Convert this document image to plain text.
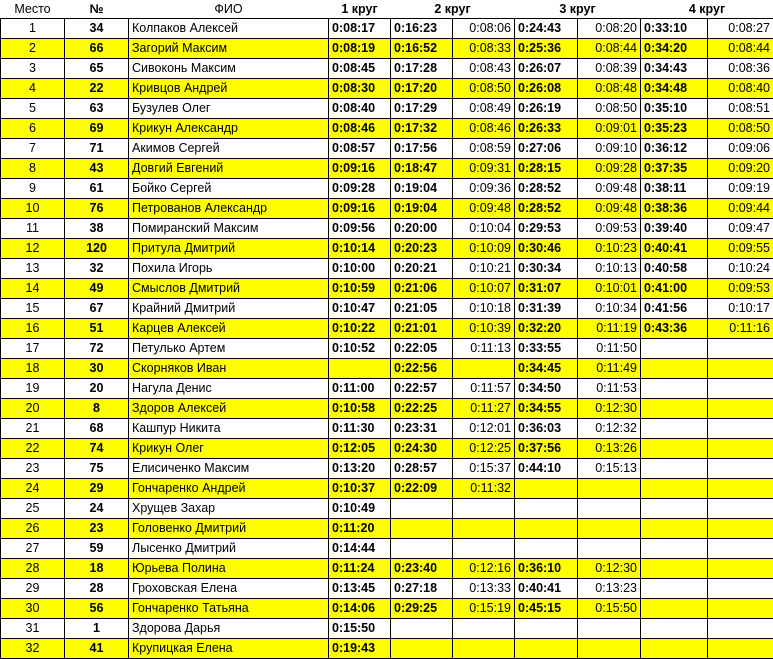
Место	№	ФИО	1 круг	2 круг		3 круг		4 круг	
1	34	Колпаков Алексей	0:08:17	0:16:23	0:08:06	0:24:43	0:08:20	0:33:10	0:08:27
2	66	Загорий Максим	0:08:19	0:16:52	0:08:33	0:25:36	0:08:44	0:34:20	0:08:44
3	65	Сивоконь Максим	0:08:45	0:17:28	0:08:43	0:26:07	0:08:39	0:34:43	0:08:36
4	22	Кривцов Андрей	0:08:30	0:17:20	0:08:50	0:26:08	0:08:48	0:34:48	0:08:40
5	63	Бузулев Олег	0:08:40	0:17:29	0:08:49	0:26:19	0:08:50	0:35:10	0:08:51
6	69	Крикун Александр	0:08:46	0:17:32	0:08:46	0:26:33	0:09:01	0:35:23	0:08:50
7	71	Акимов Сергей	0:08:57	0:17:56	0:08:59	0:27:06	0:09:10	0:36:12	0:09:06
8	43	Довгий Евгений	0:09:16	0:18:47	0:09:31	0:28:15	0:09:28	0:37:35	0:09:20
9	61	Бойко Сергей	0:09:28	0:19:04	0:09:36	0:28:52	0:09:48	0:38:11	0:09:19
10	76	Петрованов Александр	0:09:16	0:19:04	0:09:48	0:28:52	0:09:48	0:38:36	0:09:44
11	38	Помиранский Максим	0:09:56	0:20:00	0:10:04	0:29:53	0:09:53	0:39:40	0:09:47
12	120	Притула Дмитрий	0:10:14	0:20:23	0:10:09	0:30:46	0:10:23	0:40:41	0:09:55
13	32	Похила Игорь	0:10:00	0:20:21	0:10:21	0:30:34	0:10:13	0:40:58	0:10:24
14	49	Смыслов Дмитрий	0:10:59	0:21:06	0:10:07	0:31:07	0:10:01	0:41:00	0:09:53
15	67	Крайний Дмитрий	0:10:47	0:21:05	0:10:18	0:31:39	0:10:34	0:41:56	0:10:17
16	51	Карцев Алексей	0:10:22	0:21:01	0:10:39	0:32:20	0:11:19	0:43:36	0:11:16
17	72	Петулько Артем	0:10:52	0:22:05	0:11:13	0:33:55	0:11:50		
18	30	Скорняков Иван		0:22:56		0:34:45	0:11:49		
19	20	Нагула Денис	0:11:00	0:22:57	0:11:57	0:34:50	0:11:53		
20	8	Здоров Алексей	0:10:58	0:22:25	0:11:27	0:34:55	0:12:30		
21	68	Кашпур Никита	0:11:30	0:23:31	0:12:01	0:36:03	0:12:32		
22	74	Крикун Олег	0:12:05	0:24:30	0:12:25	0:37:56	0:13:26		
23	75	Елисиченко Максим	0:13:20	0:28:57	0:15:37	0:44:10	0:15:13		
24	29	Гончаренко Андрей	0:10:37	0:22:09	0:11:32				
25	24	Хрущев Захар	0:10:49						
26	23	Головенко Дмитрий	0:11:20						
27	59	Лысенко Дмитрий	0:14:44						
28	18	Юрьева Полина	0:11:24	0:23:40	0:12:16	0:36:10	0:12:30		
29	28	Гроховская Елена	0:13:45	0:27:18	0:13:33	0:40:41	0:13:23		
30	56	Гончаренко Татьяна	0:14:06	0:29:25	0:15:19	0:45:15	0:15:50		
31	1	Здорова Дарья	0:15:50						
32	41	Крупицкая Елена	0:19:43						
